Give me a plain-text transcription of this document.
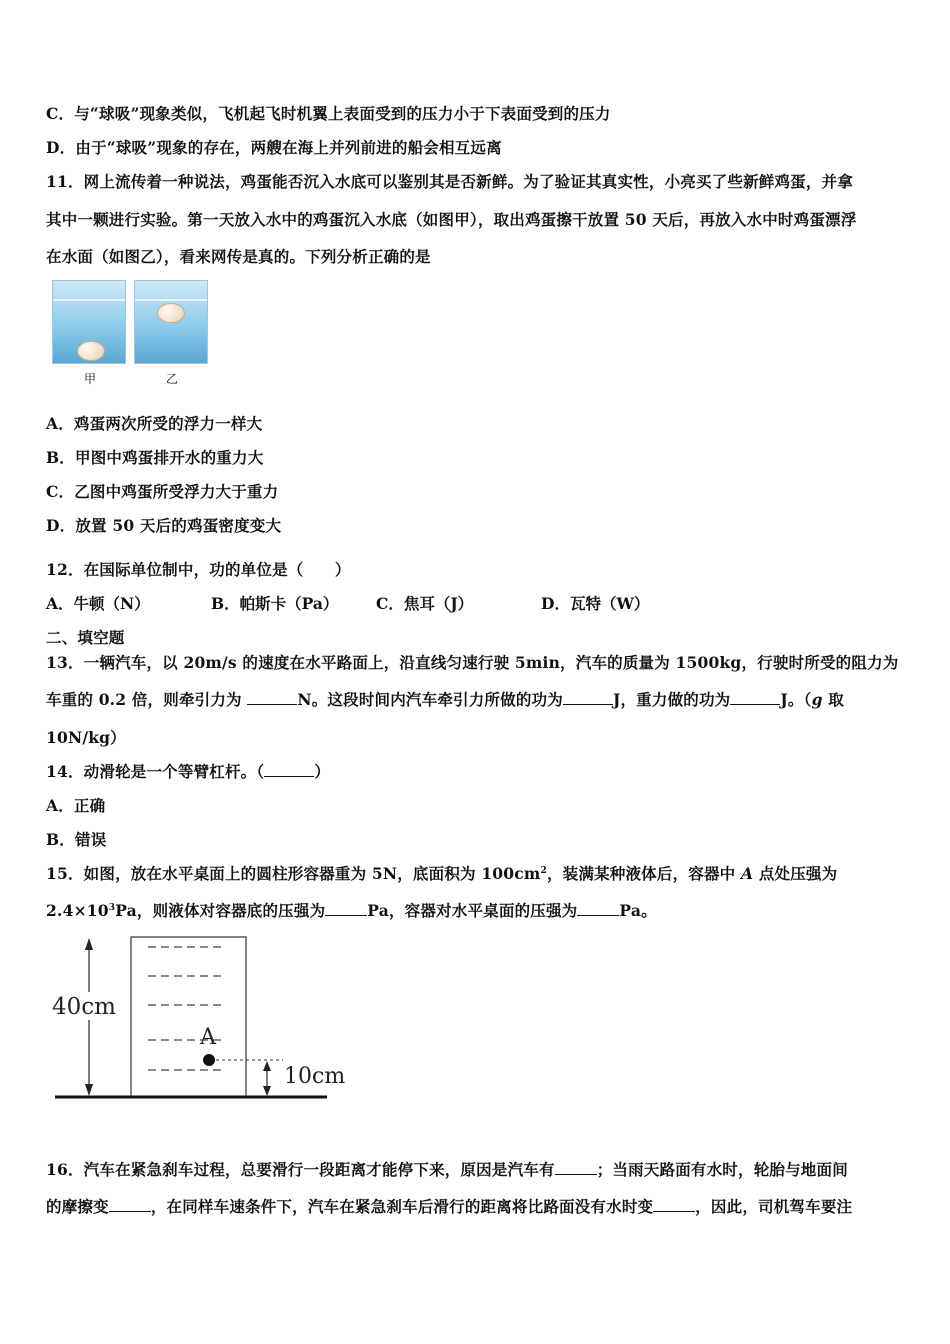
C．与“球吸”现象类似，飞机起飞时机翼上表面受到的压力小于下表面受到的压力
D．由于“球吸”现象的存在，两艘在海上并列前进的船会相互远离
11．网上流传着一种说法，鸡蛋能否沉入水底可以鉴别其是否新鲜。为了验证其真实性，小亮买了些新鲜鸡蛋，并拿
其中一颗进行实验。第一天放入水中的鸡蛋沉入水底（如图甲），取出鸡蛋擦干放置 50 天后，再放入水中时鸡蛋漂浮
在水面（如图乙），看来网传是真的。下列分析正确的是
甲	乙
A．鸡蛋两次所受的浮力一样大
B．甲图中鸡蛋排开水的重力大
C．乙图中鸡蛋所受浮力大于重力
D．放置 50 天后的鸡蛋密度变大
12．在国际单位制中，功的单位是（　　）
A．牛顿（N）	B．帕斯卡（Pa） C．焦耳（J）	D．瓦特（W）
二、填空题
13．一辆汽车，以 20m/s 的速度在水平路面上，沿直线匀速行驶 5min，汽车的质量为 1500kg，行驶时所受的阻力为
车重的 0.2 倍，则牵引力为	N。这段时间内汽车牵引力所做的功为	J，重力做的功为	J。（g 取
10N/kg）
14．动滑轮是一个等臂杠杆。（	）
A．正确
B．错误
15．如图，放在水平桌面上的圆柱形容器重为 5N，底面积为 $100cm^2$，装满某种液体后，容器中 A 点处压强为
$2.4\times 10^3Pa$，则液体对容器底的压强为	Pa，容器对水平桌面的压强为	Pa。
40cm
A
10cm
16．汽车在紧急刹车过程，总要滑行一段距离才能停下来，原因是汽车有	；当雨天路面有水时，轮胎与地面间
的摩擦变	，在同样车速条件下，汽车在紧急刹车后滑行的距离将比路面没有水时变	，因此，司机驾车要注
